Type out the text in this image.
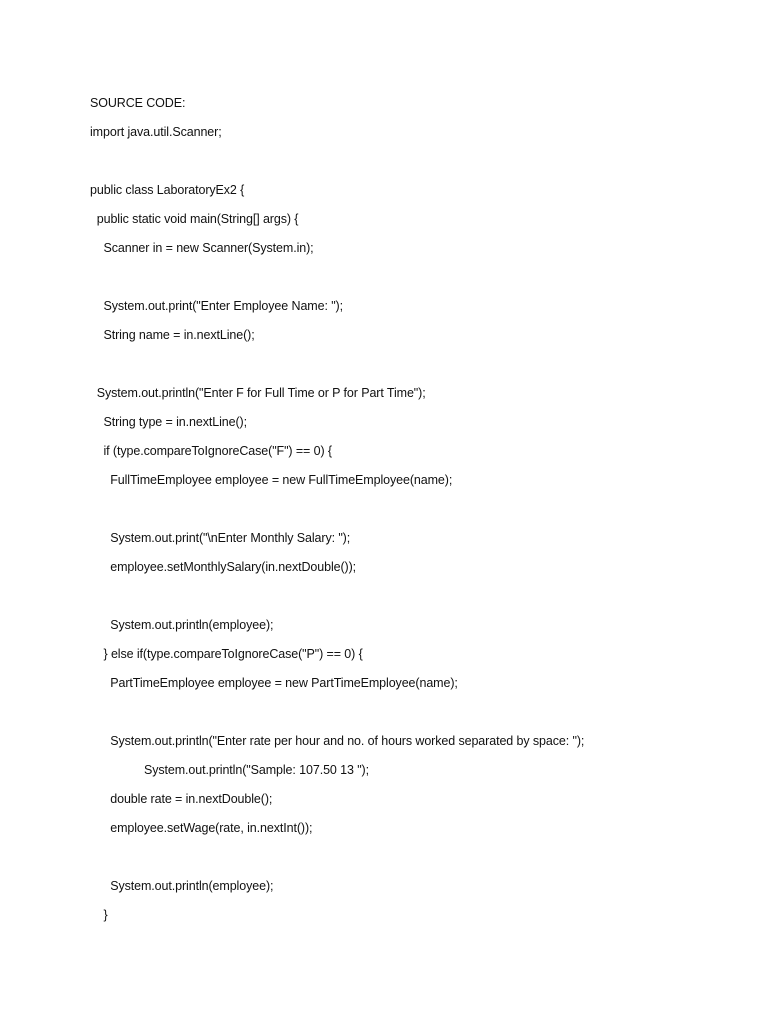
SOURCE CODE:
import java.util.Scanner;
public class LaboratoryEx2 {
public static void main(String[] args) {
Scanner in = new Scanner(System.in);
System.out.print("Enter Employee Name: ");
String name = in.nextLine();
System.out.println("Enter F for Full Time or P for Part Time");
String type = in.nextLine();
if (type.compareToIgnoreCase("F") == 0) {
FullTimeEmployee employee = new FullTimeEmployee(name);
System.out.print("\nEnter Monthly Salary: ");
employee.setMonthlySalary(in.nextDouble());
System.out.println(employee);
} else if(type.compareToIgnoreCase("P") == 0) {
PartTimeEmployee employee = new PartTimeEmployee(name);
System.out.println("Enter rate per hour and no. of hours worked separated by space: ");
System.out.println("Sample: 107.50 13 ");
double rate = in.nextDouble();
employee.setWage(rate, in.nextInt());
System.out.println(employee);
}
